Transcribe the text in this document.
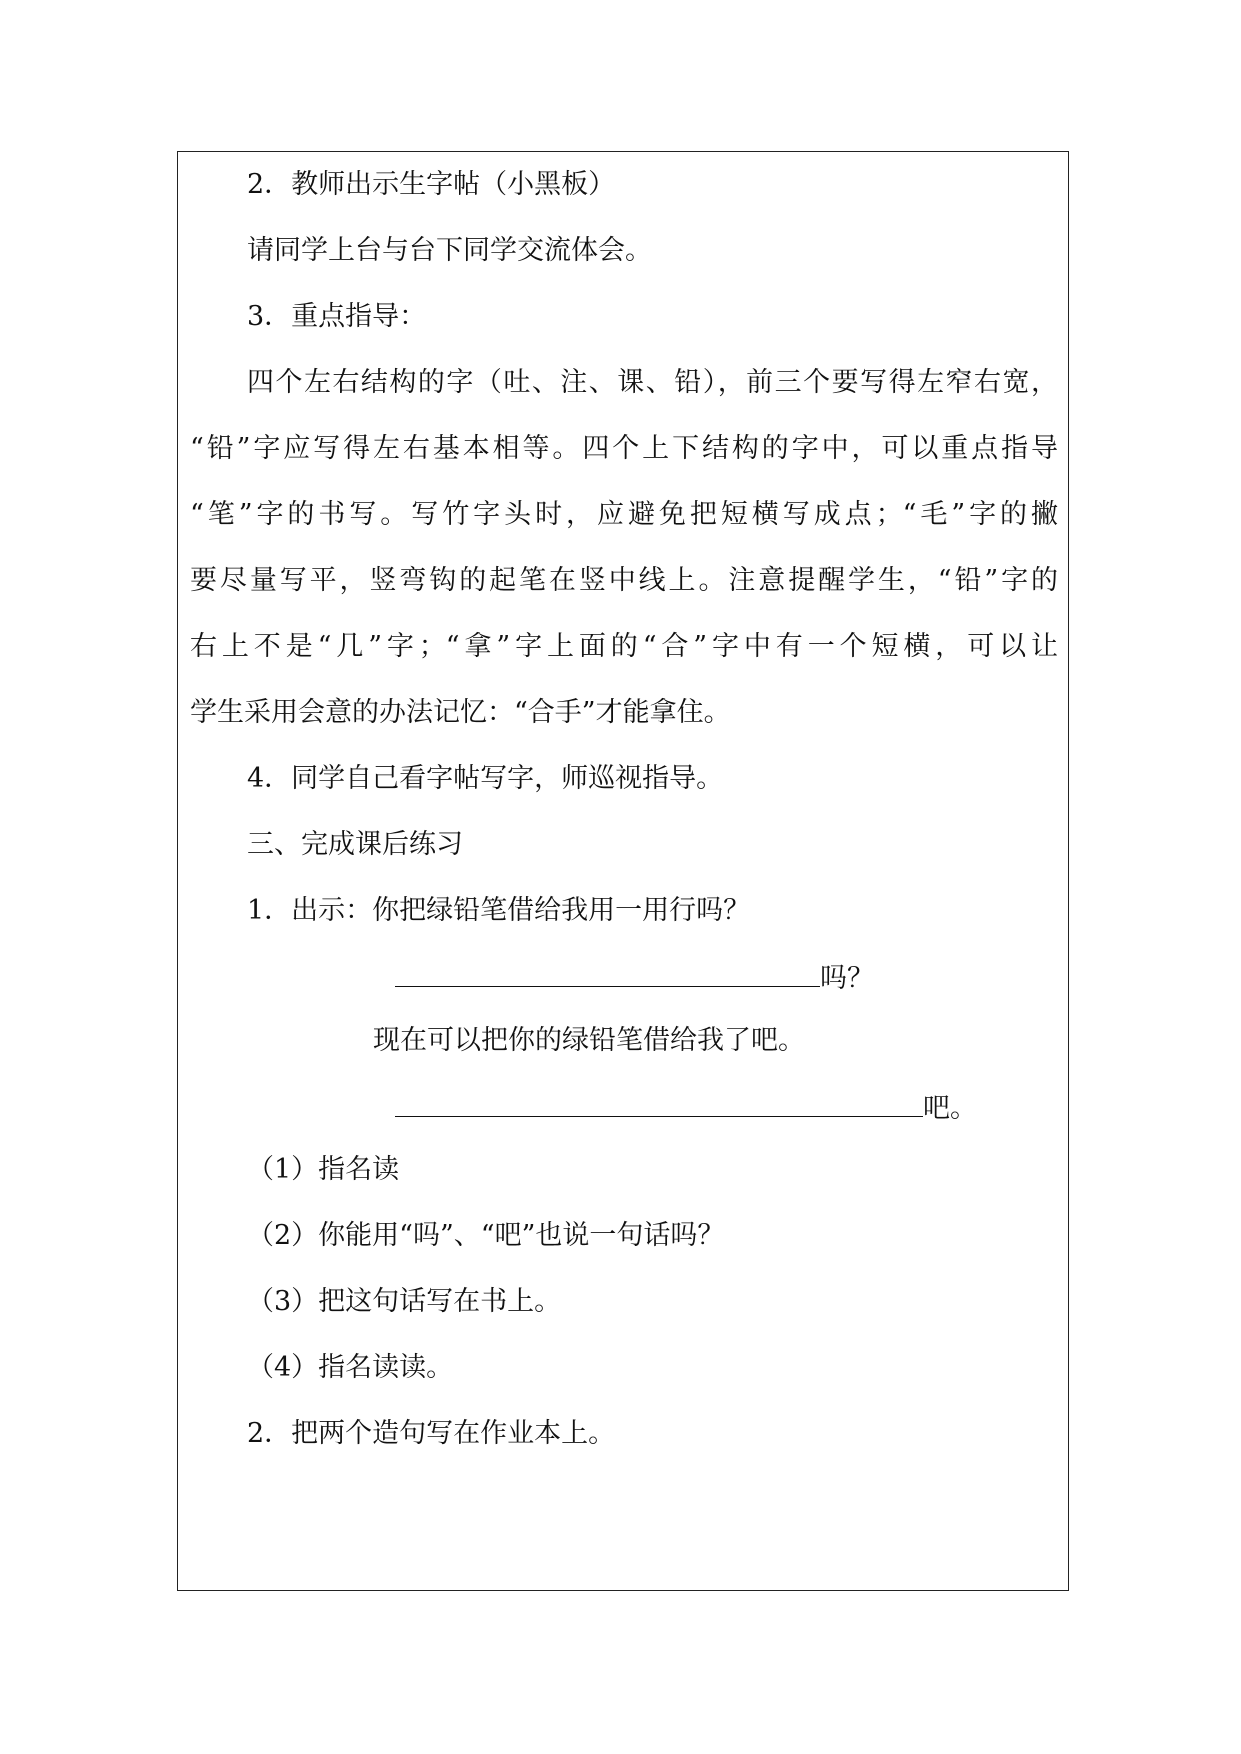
2．教师出示生字帖（小黑板）

请同学上台与台下同学交流体会。

3．重点指导：

四个左右结构的字（吐、注、课、铅），前三个要写得左窄右宽，

“铅”字应写得左右基本相等。四个上下结构的字中，可以重点指导

“笔”字的书写。写竹字头时，应避免把短横写成点；“毛”字的撇

要尽量写平，竖弯钩的起笔在竖中线上。注意提醒学生，“铅”字的

右上不是“几”字；“拿”字上面的“合”字中有一个短横，可以让

学生采用会意的办法记忆：“合手”才能拿住。

4．同学自己看字帖写字，师巡视指导。

三、完成课后练习

1．出示：你把绿铅笔借给我用一用行吗？

吗？

现在可以把你的绿铅笔借给我了吧。

吧。

（1）指名读

（2）你能用“吗”、“吧”也说一句话吗？

（3）把这句话写在书上。

（4）指名读读。

2．把两个造句写在作业本上。
